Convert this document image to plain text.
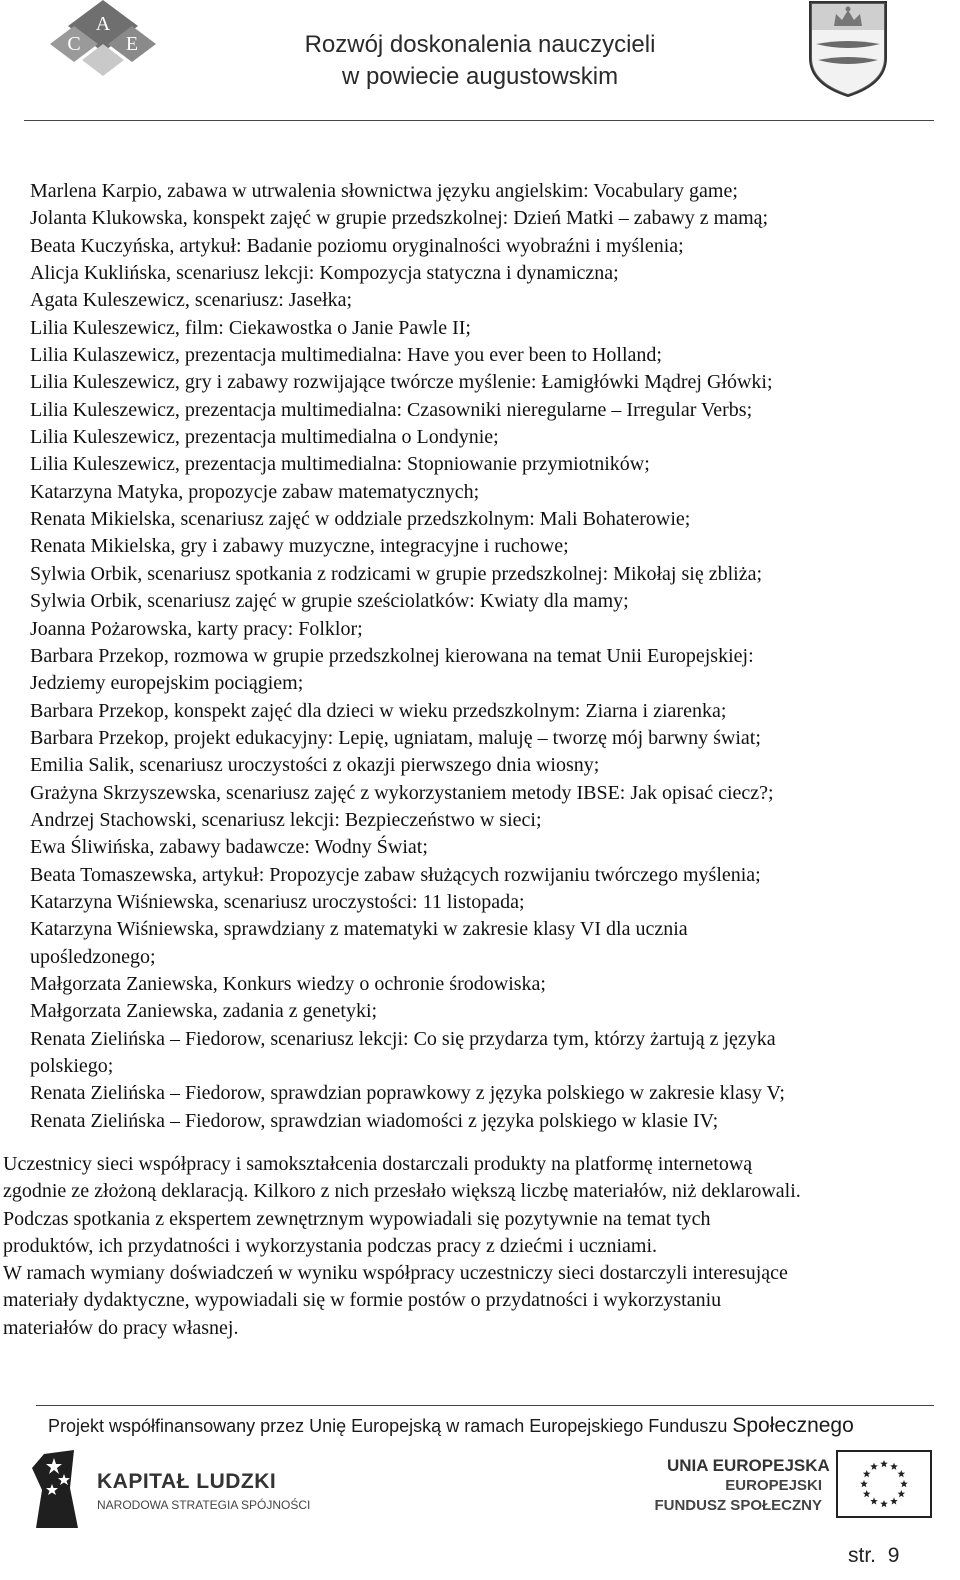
A
C E	Rozwój doskonalenia nauczycieli
w powiecie augustowskim
Marlena Karpio, zabawa w utrwalenia słownictwa języku angielskim: Vocabulary game;
Jolanta Klukowska, konspekt zajęć w grupie przedszkolnej: Dzień Matki – zabawy z mamą;
Beata Kuczyńska, artykuł: Badanie poziomu oryginalności wyobraźni i myślenia;
Alicja Kuklińska, scenariusz lekcji: Kompozycja statyczna i dynamiczna;
Agata Kuleszewicz, scenariusz: Jasełka;
Lilia Kuleszewicz, film: Ciekawostka o Janie Pawle II;
Lilia Kulaszewicz, prezentacja multimedialna: Have you ever been to Holland;
Lilia Kuleszewicz, gry i zabawy rozwijające twórcze myślenie: Łamigłówki Mądrej Główki;
Lilia Kuleszewicz, prezentacja multimedialna: Czasowniki nieregularne – Irregular Verbs;
Lilia Kuleszewicz, prezentacja multimedialna o Londynie;
Lilia Kuleszewicz, prezentacja multimedialna: Stopniowanie przymiotników;
Katarzyna Matyka, propozycje zabaw matematycznych;
Renata Mikielska, scenariusz zajęć w oddziale przedszkolnym: Mali Bohaterowie;
Renata Mikielska, gry i zabawy muzyczne, integracyjne i ruchowe;
Sylwia Orbik, scenariusz spotkania z rodzicami w grupie przedszkolnej: Mikołaj się zbliża;
Sylwia Orbik, scenariusz zajęć w grupie sześciolatków: Kwiaty dla mamy;
Joanna Pożarowska, karty pracy: Folklor;
Barbara Przekop, rozmowa w grupie przedszkolnej kierowana na temat Unii Europejskiej:
Jedziemy europejskim pociągiem;
Barbara Przekop, konspekt zajęć dla dzieci w wieku przedszkolnym: Ziarna i ziarenka;
Barbara Przekop, projekt edukacyjny: Lepię, ugniatam, maluję – tworzę mój barwny świat;
Emilia Salik, scenariusz uroczystości z okazji pierwszego dnia wiosny;
Grażyna Skrzyszewska, scenariusz zajęć z wykorzystaniem metody IBSE: Jak opisać ciecz?;
Andrzej Stachowski, scenariusz lekcji: Bezpieczeństwo w sieci;
Ewa Śliwińska, zabawy badawcze: Wodny Świat;
Beata Tomaszewska, artykuł: Propozycje zabaw służących rozwijaniu twórczego myślenia;
Katarzyna Wiśniewska, scenariusz uroczystości: 11 listopada;
Katarzyna Wiśniewska, sprawdziany z matematyki w zakresie klasy VI dla ucznia
upośledzonego;
Małgorzata Zaniewska, Konkurs wiedzy o ochronie środowiska;
Małgorzata Zaniewska, zadania z genetyki;
Renata Zielińska – Fiedorow, scenariusz lekcji: Co się przydarza tym, którzy żartują z języka
polskiego;
Renata Zielińska – Fiedorow, sprawdzian poprawkowy z języka polskiego w zakresie klasy V;
Renata Zielińska – Fiedorow, sprawdzian wiadomości z języka polskiego w klasie IV;
Uczestnicy sieci współpracy i samokształcenia dostarczali produkty na platformę internetową
zgodnie ze złożoną deklaracją. Kilkoro z nich przesłało większą liczbę materiałów, niż deklarowali.
Podczas spotkania z ekspertem zewnętrznym wypowiadali się pozytywnie na temat tych
produktów, ich przydatności i wykorzystania podczas pracy z dziećmi i uczniami.
W ramach wymiany doświadczeń w wyniku współpracy uczestniczy sieci dostarczyli interesujące
materiały dydaktyczne, wypowiadali się w formie postów o przydatności i wykorzystaniu
materiałów do pracy własnej.
Projekt współfinansowany przez Unię Europejską w ramach Europejskiego Funduszu Społecznego
KAPITAŁ LUDZKI
NARODOWA STRATEGIA SPÓJNOŚCI
UNIA EUROPEJSKA
EUROPEJSKI
FUNDUSZ SPOŁECZNY
str. 9
